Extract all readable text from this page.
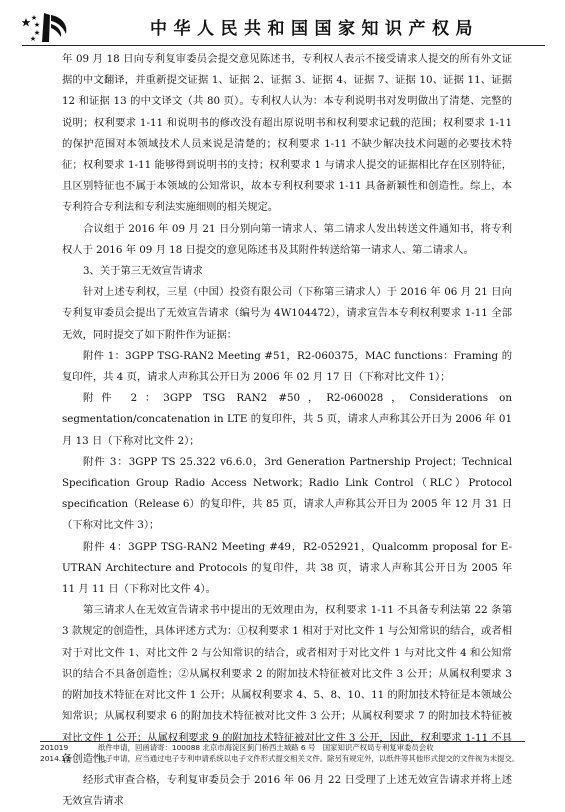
中华人民共和国国家知识产权局

年 09 月 18 日向专利复审委员会提交意见陈述书，专利权人表示不接受请求人提交的所有外文证据的中文翻译，并重新提交证据 1、证据 2、证据 3、证据 4、证据 7、证据 10、证据 11、证据 12 和证据 13 的中文译文（共 80 页）。专利权人认为：本专利说明书对发明做出了清楚、完整的说明；权利要求 1-11 和说明书的修改没有超出原说明书和权利要求记载的范围；权利要求 1-11 的保护范围对本领域技术人员来说是清楚的；权利要求 1-11 不缺少解决技术问题的必要技术特征；权利要求 1-11 能够得到说明书的支持；权利要求 1 与请求人提交的证据相比存在区别特征，且区别特征也不属于本领域的公知常识，故本专利权利要求 1-11 具备新颖性和创造性。综上，本专利符合专利法和专利法实施细则的相关规定。

合议组于 2016 年 09 月 21 日分别向第一请求人、第二请求人发出转送文件通知书，将专利权人于 2016 年 09 月 18 日提交的意见陈述书及其附件转送给第一请求人、第二请求人。

3、关于第三无效宣告请求

针对上述专利权，三星（中国）投资有限公司（下称第三请求人）于 2016 年 06 月 21 日向专利复审委员会提出了无效宣告请求（编号为 4W104472），请求宣告本专利权利要求 1-11 全部无效，同时提交了如下附件作为证据：

附件 1：3GPP TSG-RAN2 Meeting #51，R2-060375，MAC functions：Framing 的复印件，共 4 页，请求人声称其公开日为 2006 年 02 月 17 日（下称对比文件 1）；

附件 2：3GPP TSG RAN2 #50，R2-060028，Considerations on segmentation/concatenation in LTE 的复印件，共 5 页，请求人声称其公开日为 2006 年 01 月 13 日（下称对比文件 2）；

附件 3：3GPP TS 25.322 v6.6.0，3rd Generation Partnership Project；Technical Specification Group Radio Access Network；Radio Link Control（RLC）Protocol specification（Release 6）的复印件，共 85 页，请求人声称其公开日为 2005 年 12 月 31 日（下称对比文件 3）；

附件 4：3GPP TSG-RAN2 Meeting #49，R2-052921，Qualcomm proposal for E-UTRAN Architecture and Protocols 的复印件，共 38 页，请求人声称其公开日为 2005 年 11 月 11 日（下称对比文件 4）。

第三请求人在无效宣告请求书中提出的无效理由为，权利要求 1-11 不具备专利法第 22 条第 3 款规定的创造性，具体评述方式为：①权利要求 1 相对于对比文件 1 与公知常识的结合，或者相对于对比文件 1、对比文件 2 与公知常识的结合，或者相对于对比文件 1 与对比文件 4 和公知常识的结合不具备创造性；②从属权利要求 2 的附加技术特征被对比文件 3 公开；从属权利要求 3 的附加技术特征在对比文件 1 公开；从属权利要求 4、5、8、10、11 的附加技术特征是本领域公知常识；从属权利要求 6 的附加技术特征被对比文件 3 公开；从属权利要求 7 的附加技术特征被对比文件 1 公开；从属权利要求 9 的附加技术特征被对比文件 3 公开，因此，权利要求 1-11 不具备创造性。

经形式审查合格，专利复审委员会于 2016 年 06 月 22 日受理了上述无效宣告请求并将上述无效宣告请求

201019	纸件申请，回函请寄：100088 北京市海淀区蓟门桥西土城路 6 号　国家知识产权局专利复审委员会收
2014.11	电子申请，应当通过电子专利申请系统以电子文件形式提交相关文件。除另有规定外，以纸件等其他形式提交的文件视为未提交。
